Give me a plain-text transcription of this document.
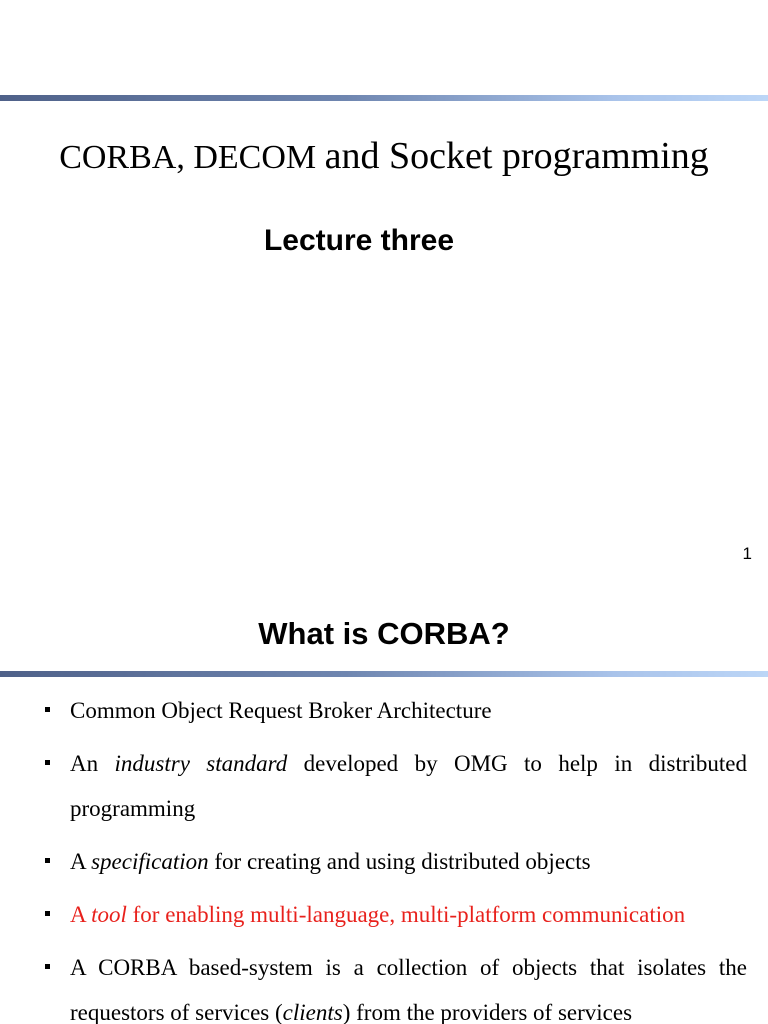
CORBA, DECOM and Socket programming
Lecture three
1
What is CORBA?
Common Object Request Broker Architecture
An industry standard developed by OMG to help in distributed programming
A specification for creating and using distributed objects
A tool for enabling multi-language, multi-platform communication
A CORBA based-system is a collection of objects that isolates the requestors of services (clients) from the providers of services
